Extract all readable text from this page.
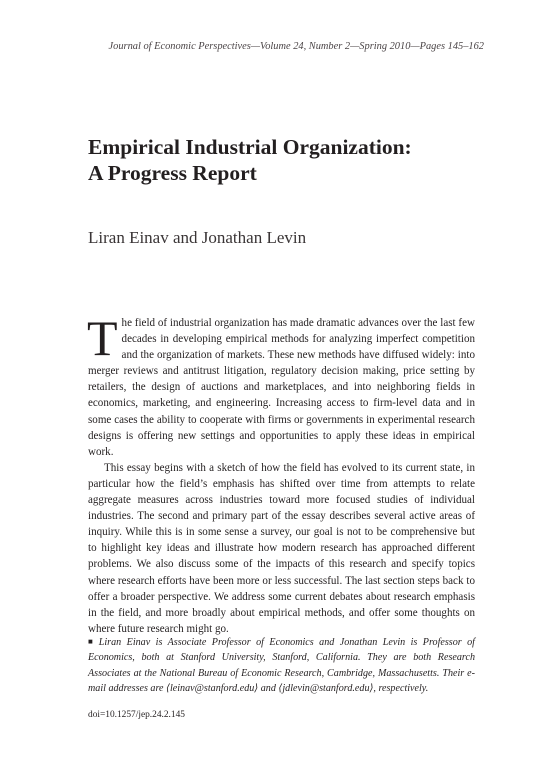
Journal of Economic Perspectives—Volume 24, Number 2—Spring 2010—Pages 145–162
Empirical Industrial Organization:
A Progress Report
Liran Einav and Jonathan Levin

The field of industrial organization has made dramatic advances over the last few decades in developing empirical methods for analyzing imperfect competition and the organization of markets. These new methods have diffused widely: into merger reviews and antitrust litigation, regulatory decision making, price setting by retailers, the design of auctions and marketplaces, and into neighboring fields in economics, marketing, and engineering. Increasing access to firm-level data and in some cases the ability to cooperate with firms or governments in experimental research designs is offering new settings and opportunities to apply these ideas in empirical work.

This essay begins with a sketch of how the field has evolved to its current state, in particular how the field’s emphasis has shifted over time from attempts to relate aggregate measures across industries toward more focused studies of individual industries. The second and primary part of the essay describes several active areas of inquiry. While this is in some sense a survey, our goal is not to be comprehensive but to highlight key ideas and illustrate how modern research has approached different problems. We also discuss some of the impacts of this research and specify topics where research efforts have been more or less successful. The last section steps back to offer a broader perspective. We address some current debates about research emphasis in the field, and more broadly about empirical methods, and offer some thoughts on where future research might go.

■ Liran Einav is Associate Professor of Economics and Jonathan Levin is Professor of Economics, both at Stanford University, Stanford, California. They are both Research Associates at the National Bureau of Economic Research, Cambridge, Massachusetts. Their e-mail addresses are ⟨leinav@stanford.edu⟩ and ⟨jdlevin@stanford.edu⟩, respectively.

doi=10.1257/jep.24.2.145
